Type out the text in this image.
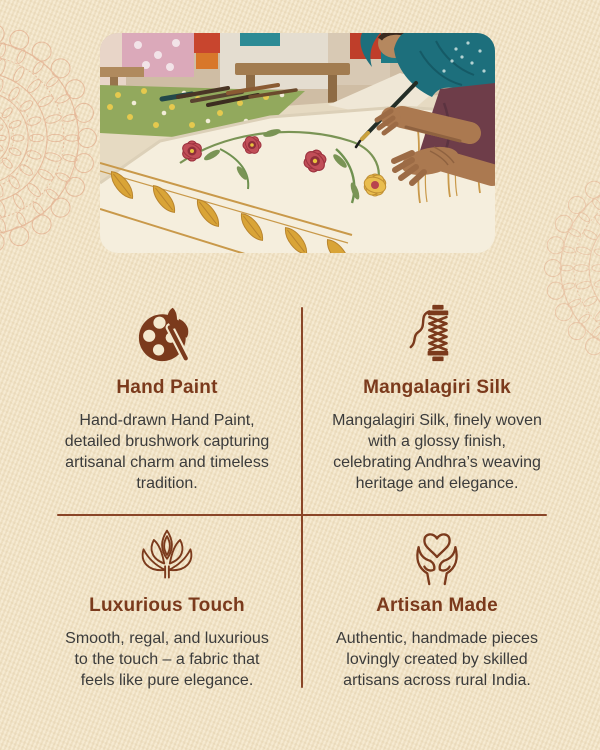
Hand Paint

Hand-drawn Hand Paint, detailed brushwork capturing artisanal charm and timeless tradition.

Mangalagiri Silk

Mangalagiri Silk, finely woven with a glossy finish, celebrating Andhra’s weaving heritage and elegance.

Luxurious Touch

Smooth, regal, and luxurious to the touch – a fabric that feels like pure elegance.

Artisan Made

Authentic, handmade pieces lovingly created by skilled artisans across rural India.
